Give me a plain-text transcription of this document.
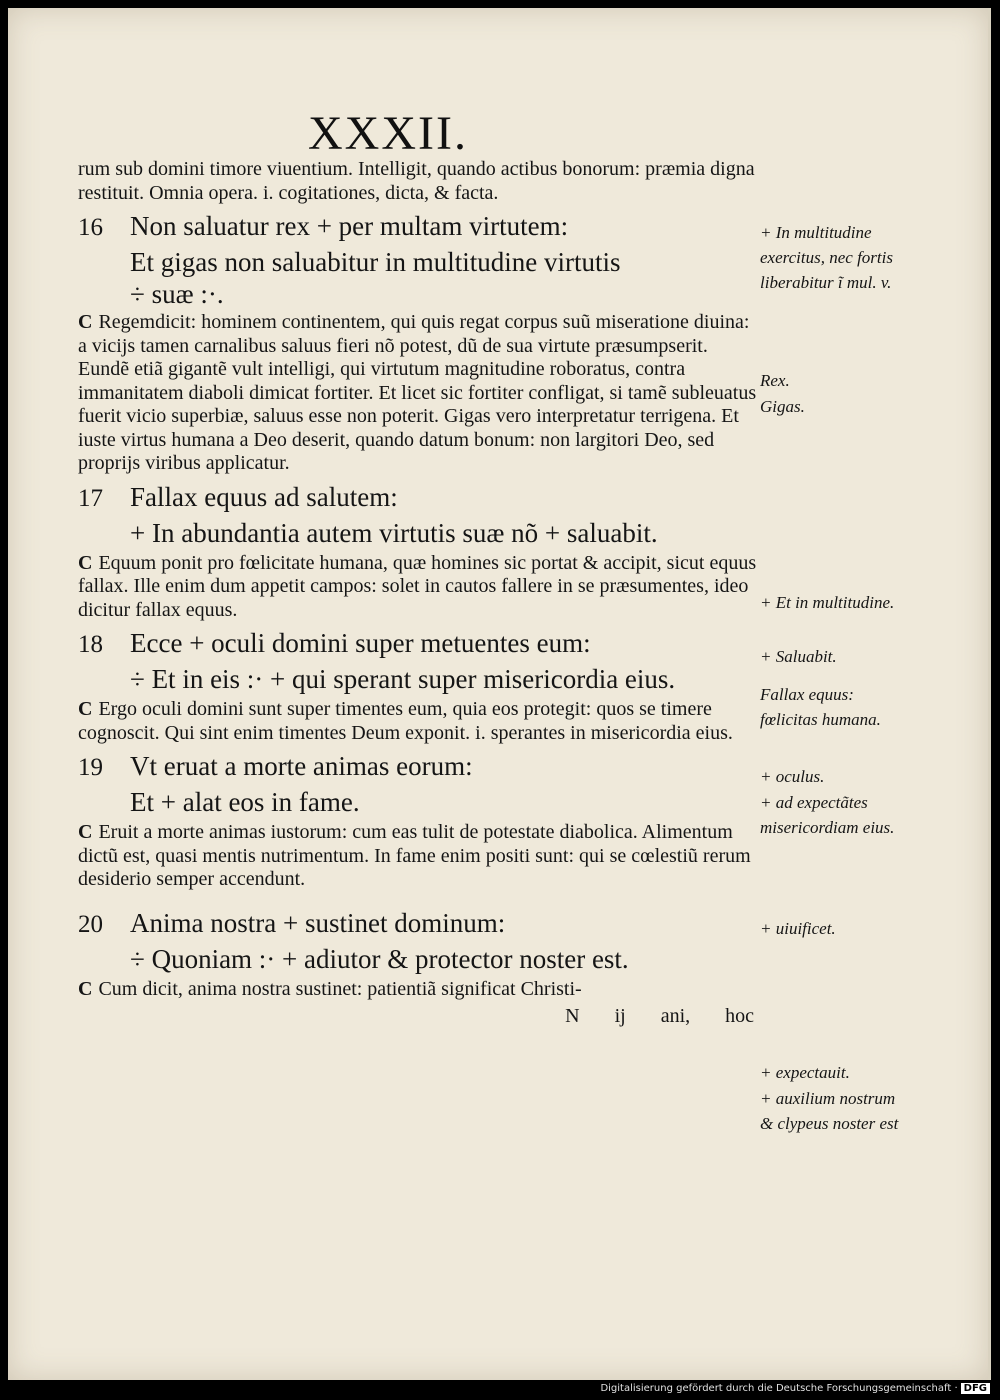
XXXII.

rum sub domini timore viuentium. Intelligit, quando actibus bonorum: præmia digna restituit. Omnia opera. i. cogitationes, dicta, & facta.

16 Non saluatur rex + per multam virtutem:
Et gigas non saluabitur in multitudine virtutis
÷ suæ :·.

C Regemdicit: hominem continentem, qui quis regat corpus suũ miseratione diuina: a vicijs tamen carnalibus saluus fieri nõ potest, dũ de sua virtute præsumpserit. Eundẽ etiã gigantẽ vult intelligi, qui virtutum magnitudine roboratus, contra immanitatem diaboli dimicat fortiter. Et licet sic fortiter confligat, si tamẽ subleuatus fuerit vicio superbiæ, saluus esse non poterit. Gigas vero interpretatur terrigena. Et iuste virtus humana a Deo deserit, quando datum bonum: non largitori Deo, sed proprijs viribus applicatur.

17 Fallax equus ad salutem:
+ In abundantia autem virtutis suæ nõ + saluabit.

C Equum ponit pro fœlicitate humana, quæ homines sic portat & accipit, sicut equus fallax. Ille enim dum appetit campos: solet in cautos fallere in se præsumentes, ideo dicitur fallax equus.

18 Ecce + oculi domini super metuentes eum:
÷ Et in eis :· + qui sperant super misericordia eius.

C Ergo oculi domini sunt super timentes eum, quia eos protegit: quos se timere cognoscit. Qui sint enim timentes Deum exponit. i. sperantes in misericordia eius.

19 Vt eruat a morte animas eorum:
Et + alat eos in fame.

C Eruit a morte animas iustorum: cum eas tulit de potestate diabolica. Alimentum dictũ est, quasi mentis nutrimentum. In fame enim positi sunt: qui se cœlestiũ rerum desiderio semper accendunt.

20 Anima nostra + sustinet dominum:
÷ Quoniam :· + adiutor & protector noster est.

C Cum dicit, anima nostra sustinet: patientiã significat Christi-

N ij ani, hoc

+ In multitudine exercitus, nec fortis liberabitur ĩ mul. v.

Rex.

Gigas.

+ Et in multitudine.

+ Saluabit.

Fallax equus: fœlicitas humana.

+ oculus.

+ ad expectãtes misericordiam eius.

+ uiuificet.

+ expectauit.

+ auxilium nostrum & clypeus noster est

Digitalisierung gefördert durch die Deutsche Forschungsgemeinschaft · DFG
